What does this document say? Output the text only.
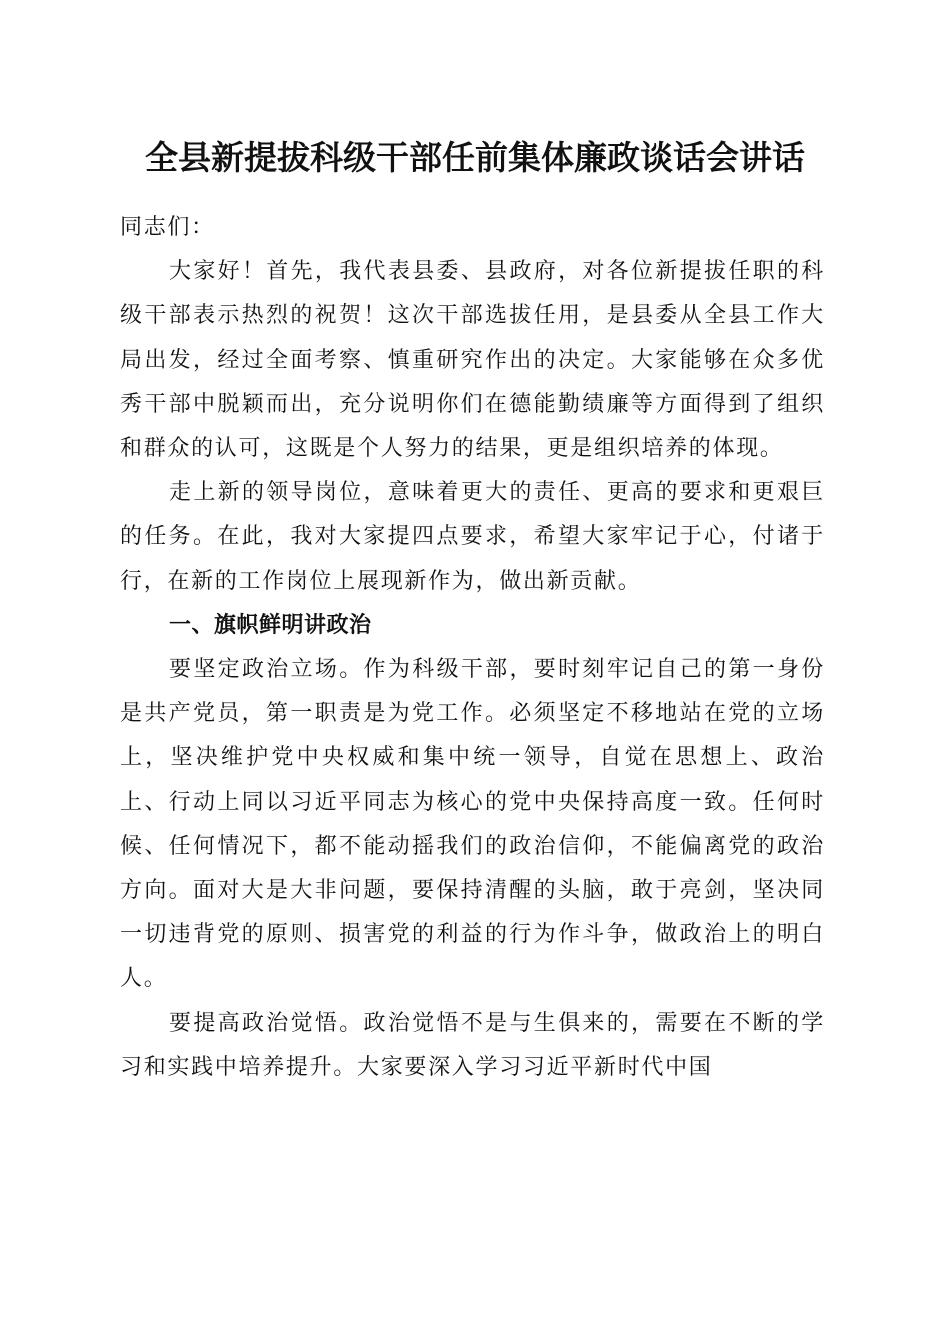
全县新提拔科级干部任前集体廉政谈话会讲话

同志们：

大家好！首先，我代表县委、县政府，对各位新提拔任职的科级干部表示热烈的祝贺！这次干部选拔任用，是县委从全县工作大局出发，经过全面考察、慎重研究作出的决定。大家能够在众多优秀干部中脱颖而出，充分说明你们在德能勤绩廉等方面得到了组织和群众的认可，这既是个人努力的结果，更是组织培养的体现。

走上新的领导岗位，意味着更大的责任、更高的要求和更艰巨的任务。在此，我对大家提四点要求，希望大家牢记于心，付诸于行，在新的工作岗位上展现新作为，做出新贡献。

一、旗帜鲜明讲政治

要坚定政治立场。作为科级干部，要时刻牢记自己的第一身份是共产党员，第一职责是为党工作。必须坚定不移地站在党的立场上，坚决维护党中央权威和集中统一领导，自觉在思想上、政治上、行动上同以习近平同志为核心的党中央保持高度一致。任何时候、任何情况下，都不能动摇我们的政治信仰，不能偏离党的政治方向。面对大是大非问题，要保持清醒的头脑，敢于亮剑，坚决同一切违背党的原则、损害党的利益的行为作斗争，做政治上的明白人。

要提高政治觉悟。政治觉悟不是与生俱来的，需要在不断的学习和实践中培养提升。大家要深入学习习近平新时代中国
